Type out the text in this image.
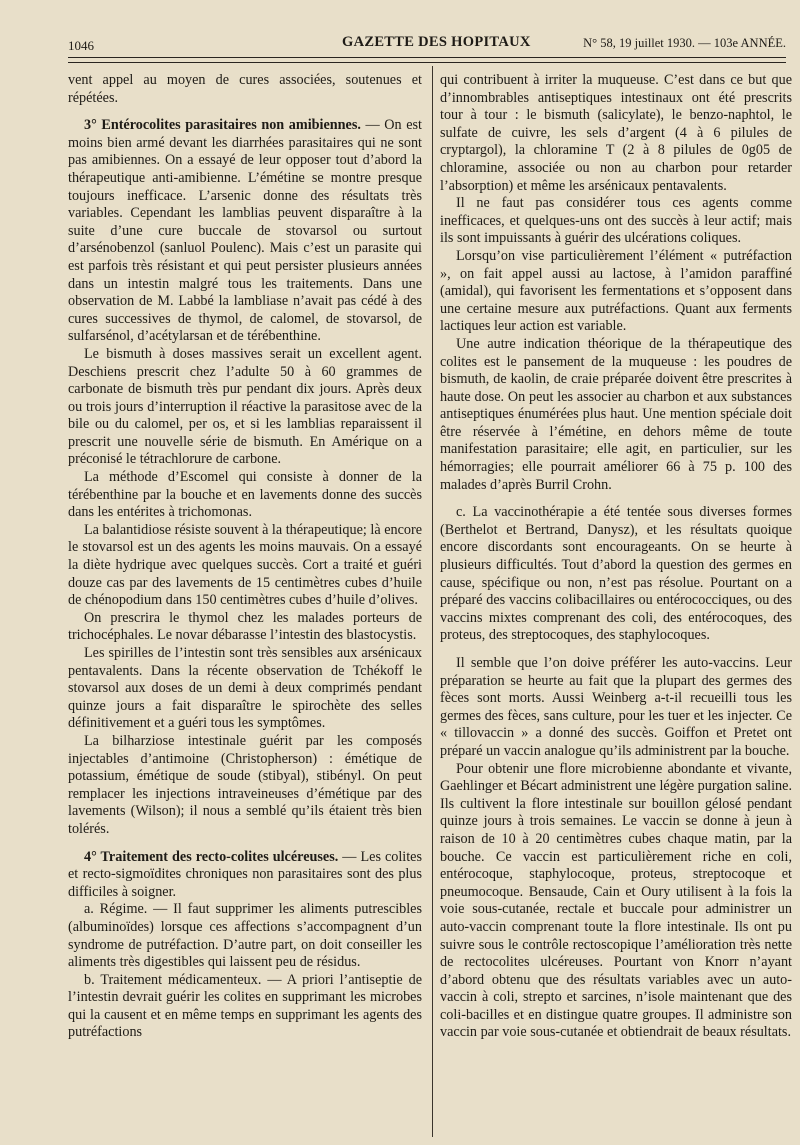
1046	GAZETTE DES HOPITAUX	N° 58, 19 juillet 1930. — 103e ANNÉE.

vent appel au moyen de cures associées, soutenues et répétées.

3° Entérocolites parasitaires non amibiennes. — On est moins bien armé devant les diarrhées parasitaires qui ne sont pas amibiennes. On a essayé de leur opposer tout d’abord la thérapeutique anti-amibienne. L’émétine se montre presque toujours inefficace. L’arsenic donne des résultats très variables. Cependant les lamblias peuvent disparaître à la suite d’une cure buccale de stovarsol ou surtout d’arsénobenzol (sanluol Poulenc). Mais c’est un parasite qui est parfois très résistant et qui peut persister plusieurs années dans un intestin malgré tous les traitements. Dans une observation de M. Labbé la lambliase n’avait pas cédé à des cures successives de thymol, de calomel, de stovarsol, de sulfarsénol, d’acétylarsan et de térébenthine.

Le bismuth à doses massives serait un excellent agent. Deschiens prescrit chez l’adulte 50 à 60 grammes de carbonate de bismuth très pur pendant dix jours. Après deux ou trois jours d’interruption il réactive la parasitose avec de la bile ou du calomel, per os, et si les lamblias reparaissent il prescrit une nouvelle série de bismuth. En Amérique on a préconisé le tétrachlorure de carbone.

La méthode d’Escomel qui consiste à donner de la térébenthine par la bouche et en lavements donne des succès dans les entérites à trichomonas.

La balantidiose résiste souvent à la thérapeutique; là encore le stovarsol est un des agents les moins mauvais. On a essayé la diète hydrique avec quelques succès. Cort a traité et guéri douze cas par des lavements de 15 centimètres cubes d’huile de chénopodium dans 150 centimètres cubes d’huile d’olives.

On prescrira le thymol chez les malades porteurs de trichocéphales. Le novar débarasse l’intestin des blastocystis.

Les spirilles de l’intestin sont très sensibles aux arsénicaux pentavalents. Dans la récente observation de Tchékoff le stovarsol aux doses de un demi à deux comprimés pendant quinze jours a fait disparaître le spirochète des selles définitivement et a guéri tous les symptômes.

La bilharziose intestinale guérit par les composés injectables d’antimoine (Christopherson) : émétique de potassium, émétique de soude (stibyal), stibényl. On peut remplacer les injections intraveineuses d’émétique par des lavements (Wilson); il nous a semblé qu’ils étaient très bien tolérés.

4° Traitement des recto-colites ulcéreuses. — Les colites et recto-sigmoïdites chroniques non parasitaires sont des plus difficiles à soigner.

a. Régime. — Il faut supprimer les aliments putrescibles (albuminoïdes) lorsque ces affections s’accompagnent d’un syndrome de putréfaction. D’autre part, on doit conseiller les aliments très digestibles qui laissent peu de résidus.

b. Traitement médicamenteux. — A priori l’antiseptie de l’intestin devrait guérir les colites en supprimant les microbes qui la causent et en même temps en supprimant les agents des putréfactions

qui contribuent à irriter la muqueuse. C’est dans ce but que d’innombrables antiseptiques intestinaux ont été prescrits tour à tour : le bismuth (salicylate), le benzo-naphtol, le sulfate de cuivre, les sels d’argent (4 à 6 pilules de cryptargol), la chloramine T (2 à 8 pilules de 0g05 de chloramine, associée ou non au charbon pour retarder l’absorption) et même les arsénicaux pentavalents.

Il ne faut pas considérer tous ces agents comme inefficaces, et quelques-uns ont des succès à leur actif; mais ils sont impuissants à guérir des ulcérations coliques.

Lorsqu’on vise particulièrement l’élément « putréfaction », on fait appel aussi au lactose, à l’amidon paraffiné (amidal), qui favorisent les fermentations et s’opposent dans une certaine mesure aux putréfactions. Quant aux ferments lactiques leur action est variable.

Une autre indication théorique de la thérapeutique des colites est le pansement de la muqueuse : les poudres de bismuth, de kaolin, de craie préparée doivent être prescrites à haute dose. On peut les associer au charbon et aux substances antiseptiques énumérées plus haut. Une mention spéciale doit être réservée à l’émétine, en dehors même de toute manifestation parasitaire; elle agit, en particulier, sur les hémorragies; elle pourrait améliorer 66 à 75 p. 100 des malades d’après Burril Crohn.

c. La vaccinothérapie a été tentée sous diverses formes (Berthelot et Bertrand, Danysz), et les résultats quoique encore discordants sont encourageants. On se heurte à plusieurs difficultés. Tout d’abord la question des germes en cause, spécifique ou non, n’est pas résolue. Pourtant on a préparé des vaccins colibacillaires ou entérococciques, ou des vaccins mixtes comprenant des coli, des entérocoques, des proteus, des streptocoques, des staphylocoques.

Il semble que l’on doive préférer les auto-vaccins. Leur préparation se heurte au fait que la plupart des germes des fèces sont morts. Aussi Weinberg a-t-il recueilli tous les germes des fèces, sans culture, pour les tuer et les injecter. Ce « tillovaccin » a donné des succès. Goiffon et Pretet ont préparé un vaccin analogue qu’ils administrent par la bouche.

Pour obtenir une flore microbienne abondante et vivante, Gaehlinger et Bécart administrent une légère purgation saline. Ils cultivent la flore intestinale sur bouillon gélosé pendant quinze jours à trois semaines. Le vaccin se donne à jeun à raison de 10 à 20 centimètres cubes chaque matin, par la bouche. Ce vaccin est particulièrement riche en coli, entérocoque, staphylocoque, proteus, streptocoque et pneumocoque. Bensaude, Cain et Oury utilisent à la fois la voie sous-cutanée, rectale et buccale pour administrer un auto-vaccin comprenant toute la flore intestinale. Ils ont pu suivre sous le contrôle rectoscopique l’amélioration très nette de rectocolites ulcéreuses. Pourtant von Knorr n’ayant d’abord obtenu que des résultats variables avec un auto-vaccin à coli, strepto et sarcines, n’isole maintenant que des coli-bacilles et en distingue quatre groupes. Il administre son vaccin par voie sous-cutanée et obtiendrait de beaux résultats.
